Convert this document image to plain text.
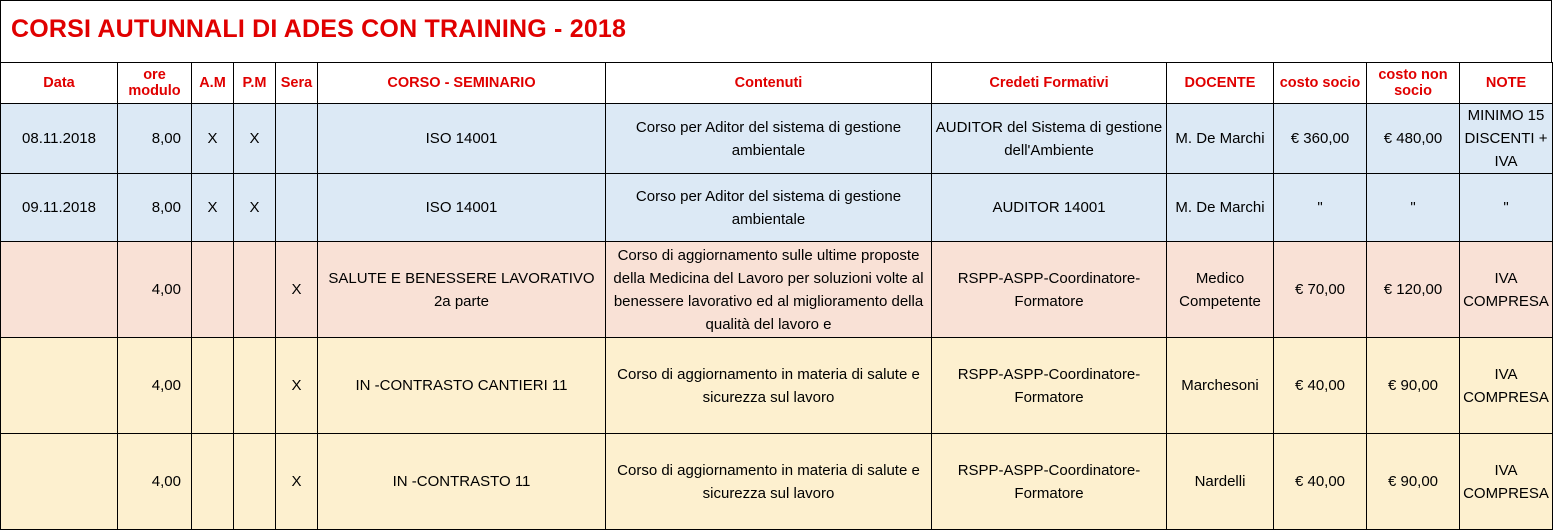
CORSI AUTUNNALI DI ADES CON TRAINING - 2018
Data	ore modulo	A.M	P.M	Sera	CORSO - SEMINARIO	Contenuti	Credeti Formativi	DOCENTE	costo socio	costo non socio	NOTE
08.11.2018	8,00	X	X		ISO 14001	Corso per Aditor del sistema di gestione ambientale	AUDITOR del Sistema di gestione dell'Ambiente	M. De Marchi	€ 360,00	€ 480,00	MINIMO 15 DISCENTI + IVA
09.11.2018	8,00	X	X		ISO 14001	Corso per Aditor del sistema di gestione ambientale	AUDITOR 14001	M. De Marchi	"	"	"
	4,00			X	SALUTE E BENESSERE LAVORATIVO 2a parte	Corso di aggiornamento sulle ultime proposte della Medicina del Lavoro per soluzioni volte al benessere lavorativo ed al miglioramento della qualità del lavoro e	RSPP-ASPP-Coordinatore-Formatore	Medico Competente	€ 70,00	€ 120,00	IVA COMPRESA
	4,00			X	IN -CONTRASTO CANTIERI 11	Corso di aggiornamento in materia di salute e sicurezza sul lavoro	RSPP-ASPP-Coordinatore-Formatore	Marchesoni	€ 40,00	€ 90,00	IVA COMPRESA
	4,00			X	IN -CONTRASTO 11	Corso di aggiornamento in materia di salute e sicurezza sul lavoro	RSPP-ASPP-Coordinatore-Formatore	Nardelli	€ 40,00	€ 90,00	IVA COMPRESA
